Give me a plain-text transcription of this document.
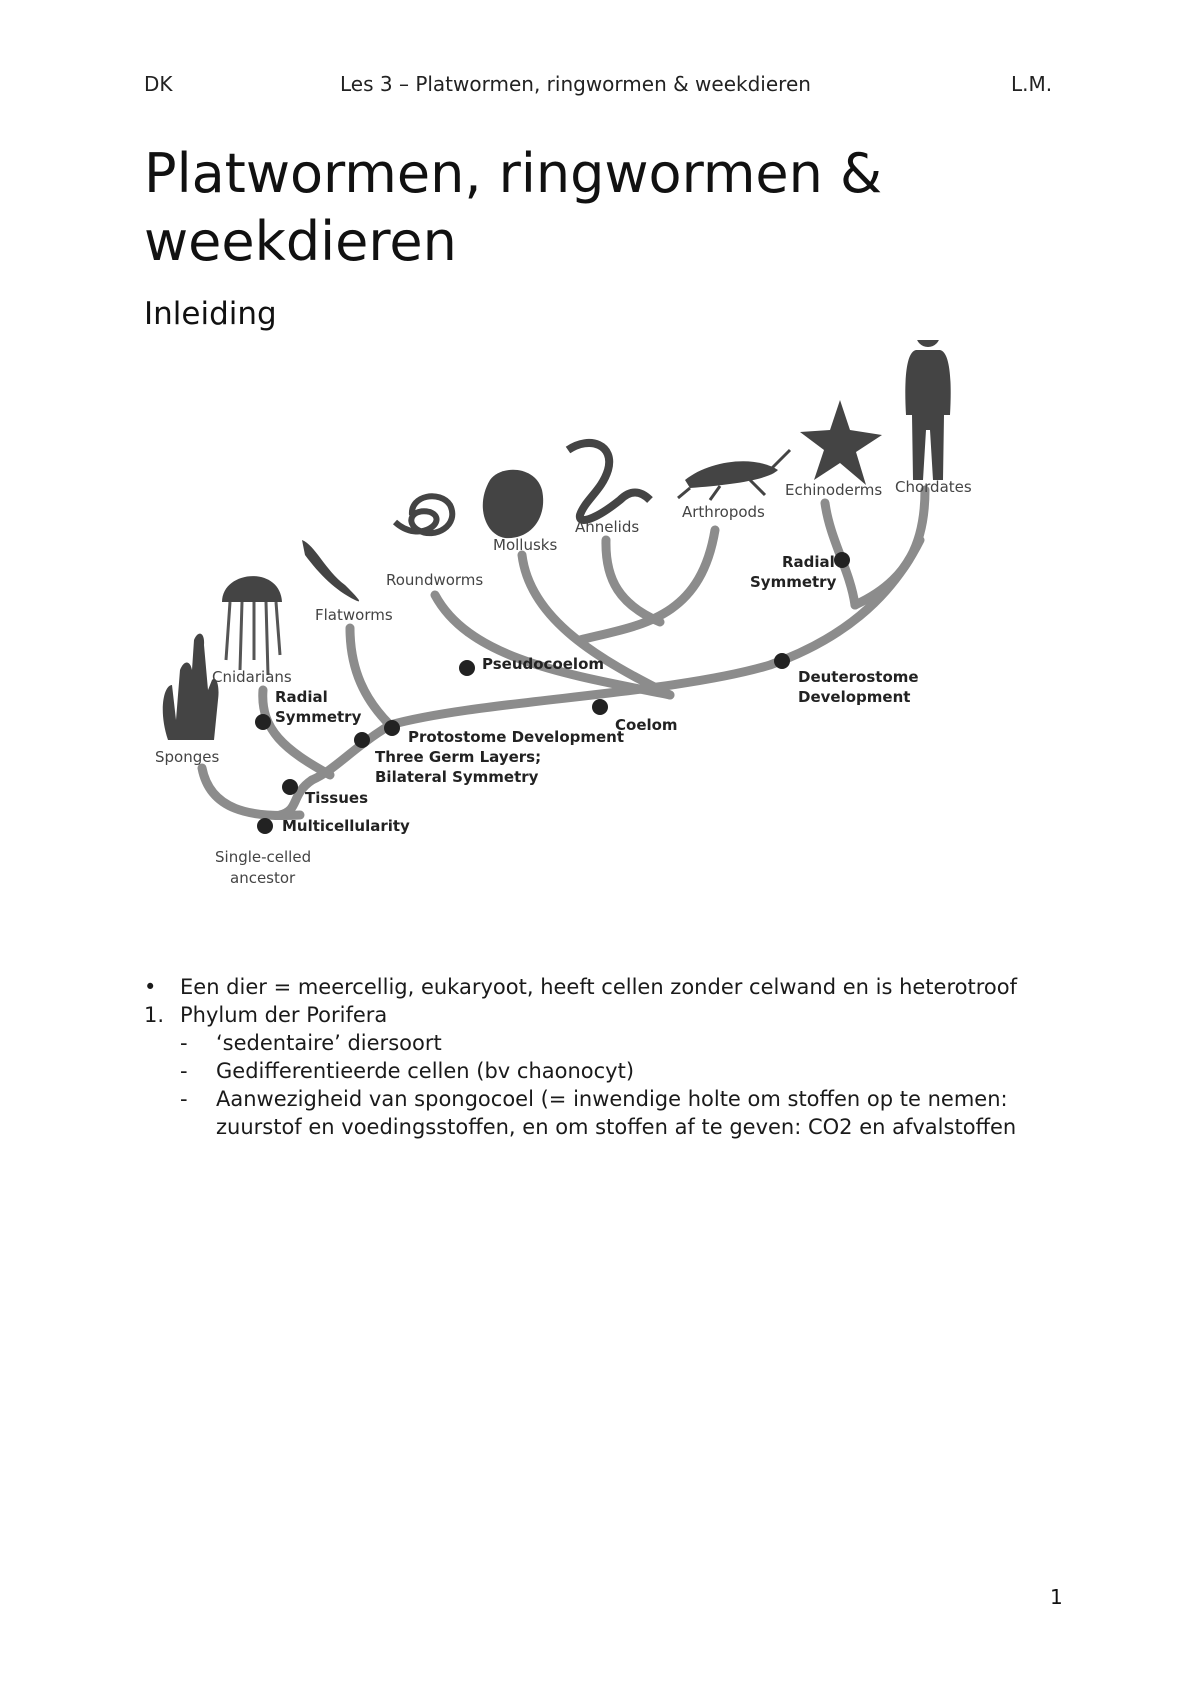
DK	Les 3 – Platwormen, ringwormen & weekdieren	L.M.
Platwormen, ringwormen & weekdieren
Inleiding
Sponges
Cnidarians
Flatworms
Roundworms
Mollusks
Annelids
Arthropods
Echinoderms Chordates
Single-celled
ancestor
Multicellularity
Tissues
Radial
Symmetry
Three Germ Layers;
Bilateral Symmetry
Protostome Development
Pseudocoelom
Coelom
Deuterostome
Development
Radial
Symmetry
•	Een dier = meercellig, eukaryoot, heeft cellen zonder celwand en is heterotroof
1. Phylum der Porifera
-	‘sedentaire’ diersoort
-	Gedifferentieerde cellen (bv chaonocyt)
-	Aanwezigheid van spongocoel (= inwendige holte om stoffen op te nemen: zuurstof en voedingsstoffen, en om stoffen af te geven: CO2 en afvalstoffen
1
